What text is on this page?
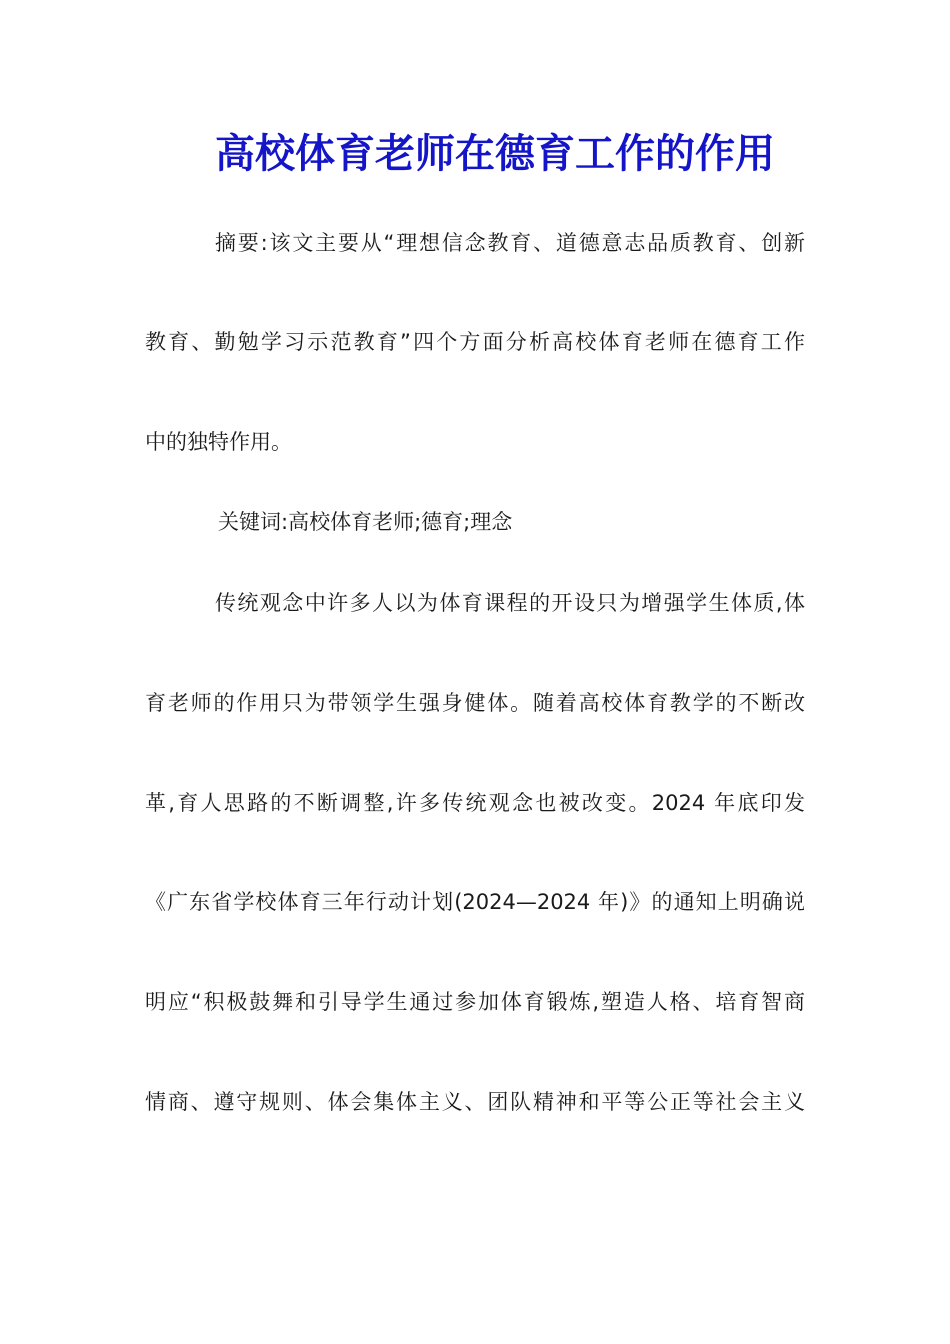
高校体育老师在德育工作的作用
摘要:该文主要从“理想信念教育、道德意志品质教育、创新
教育、勤勉学习示范教育”四个方面分析高校体育老师在德育工作
中的独特作用。
关键词:高校体育老师;德育;理念
传统观念中许多人以为体育课程的开设只为增强学生体质,体
育老师的作用只为带领学生强身健体。随着高校体育教学的不断改
革,育人思路的不断调整,许多传统观念也被改变。2024 年底印发
《广东省学校体育三年行动计划(2024—2024 年)》的通知上明确说
明应“积极鼓舞和引导学生通过参加体育锻炼,塑造人格、培育智商
情商、遵守规则、体会集体主义、团队精神和平等公正等社会主义
